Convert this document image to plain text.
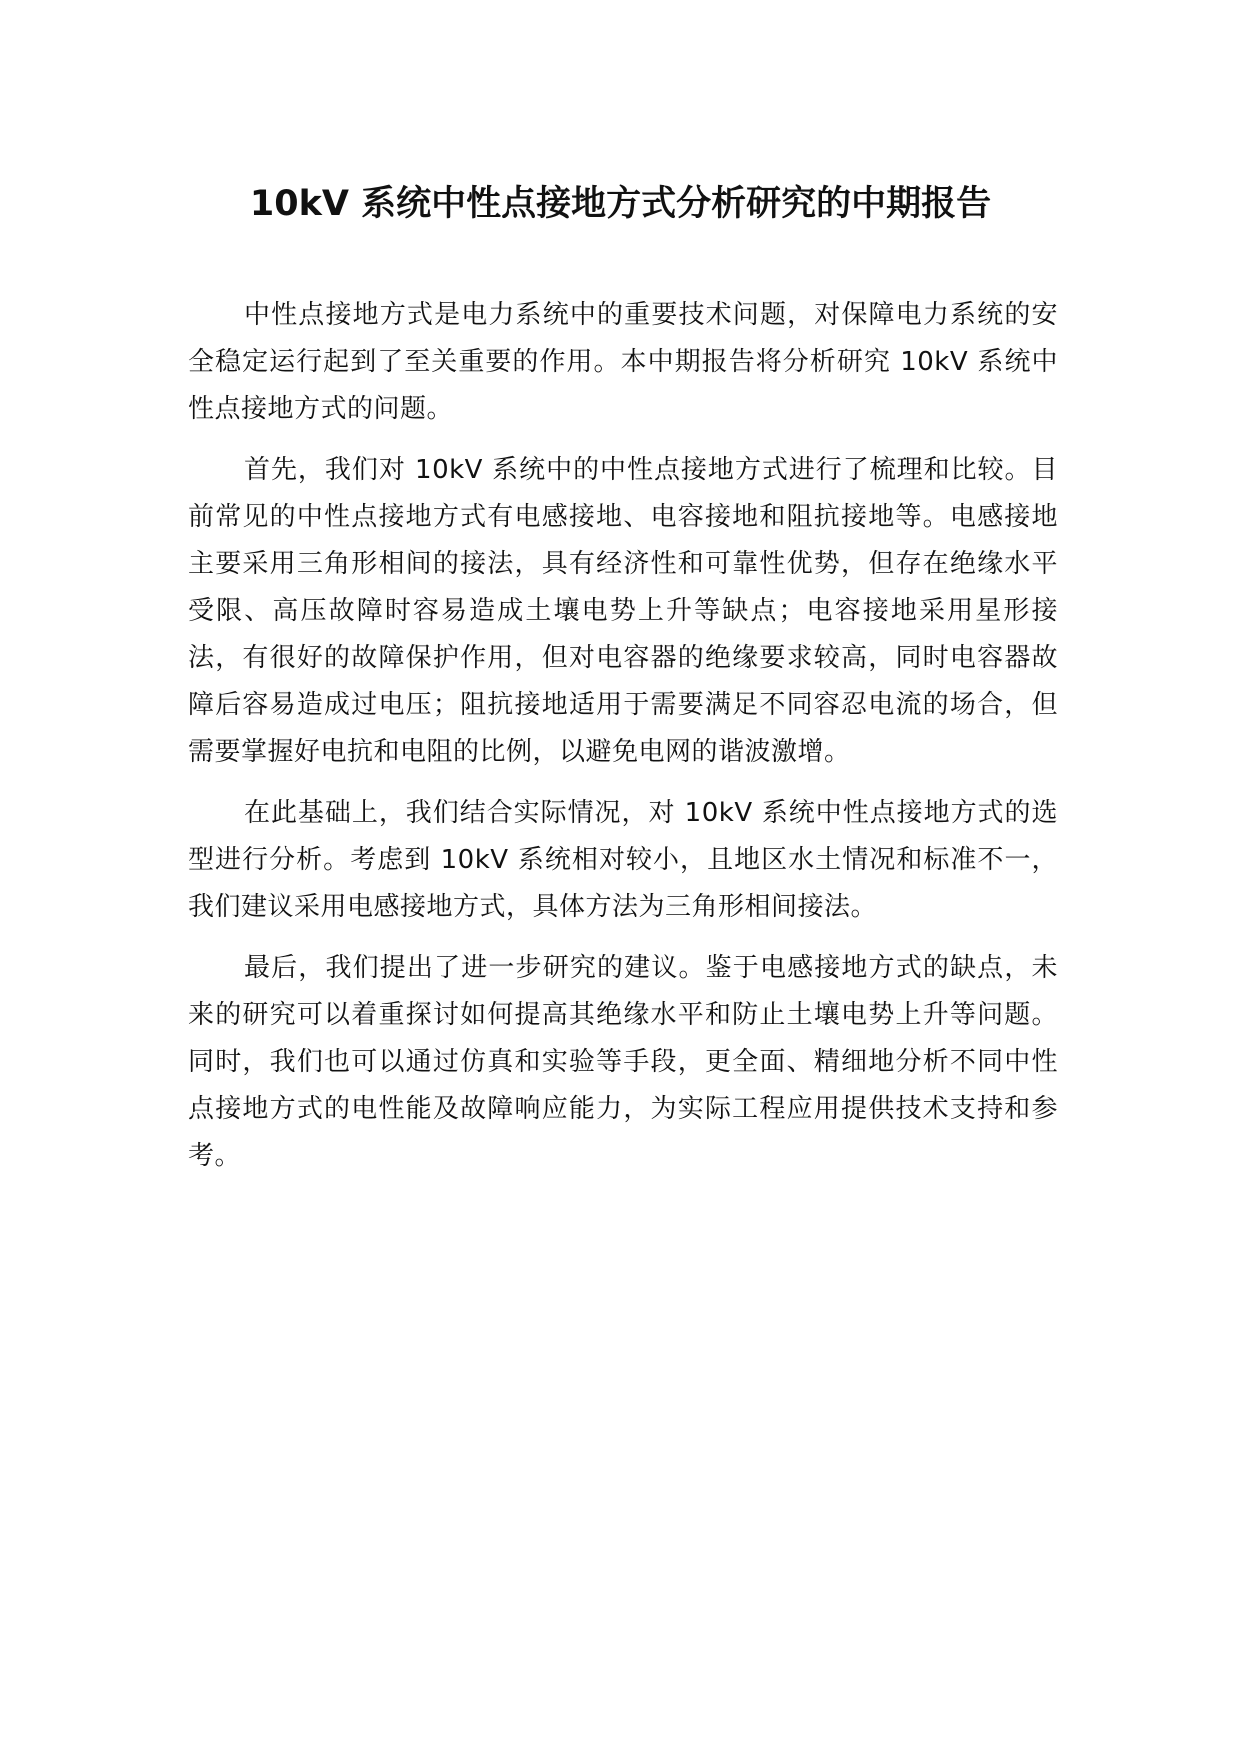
10kV 系统中性点接地方式分析研究的中期报告

中性点接地方式是电力系统中的重要技术问题，对保障电力系统的安全稳定运行起到了至关重要的作用。本中期报告将分析研究 10kV 系统中性点接地方式的问题。

首先，我们对 10kV 系统中的中性点接地方式进行了梳理和比较。目前常见的中性点接地方式有电感接地、电容接地和阻抗接地等。电感接地主要采用三角形相间的接法，具有经济性和可靠性优势，但存在绝缘水平受限、高压故障时容易造成土壤电势上升等缺点；电容接地采用星形接法，有很好的故障保护作用，但对电容器的绝缘要求较高，同时电容器故障后容易造成过电压；阻抗接地适用于需要满足不同容忍电流的场合，但需要掌握好电抗和电阻的比例，以避免电网的谐波激增。

在此基础上，我们结合实际情况，对 10kV 系统中性点接地方式的选型进行分析。考虑到 10kV 系统相对较小，且地区水土情况和标准不一，我们建议采用电感接地方式，具体方法为三角形相间接法。

最后，我们提出了进一步研究的建议。鉴于电感接地方式的缺点，未来的研究可以着重探讨如何提高其绝缘水平和防止土壤电势上升等问题。同时，我们也可以通过仿真和实验等手段，更全面、精细地分析不同中性点接地方式的电性能及故障响应能力，为实际工程应用提供技术支持和参考。
